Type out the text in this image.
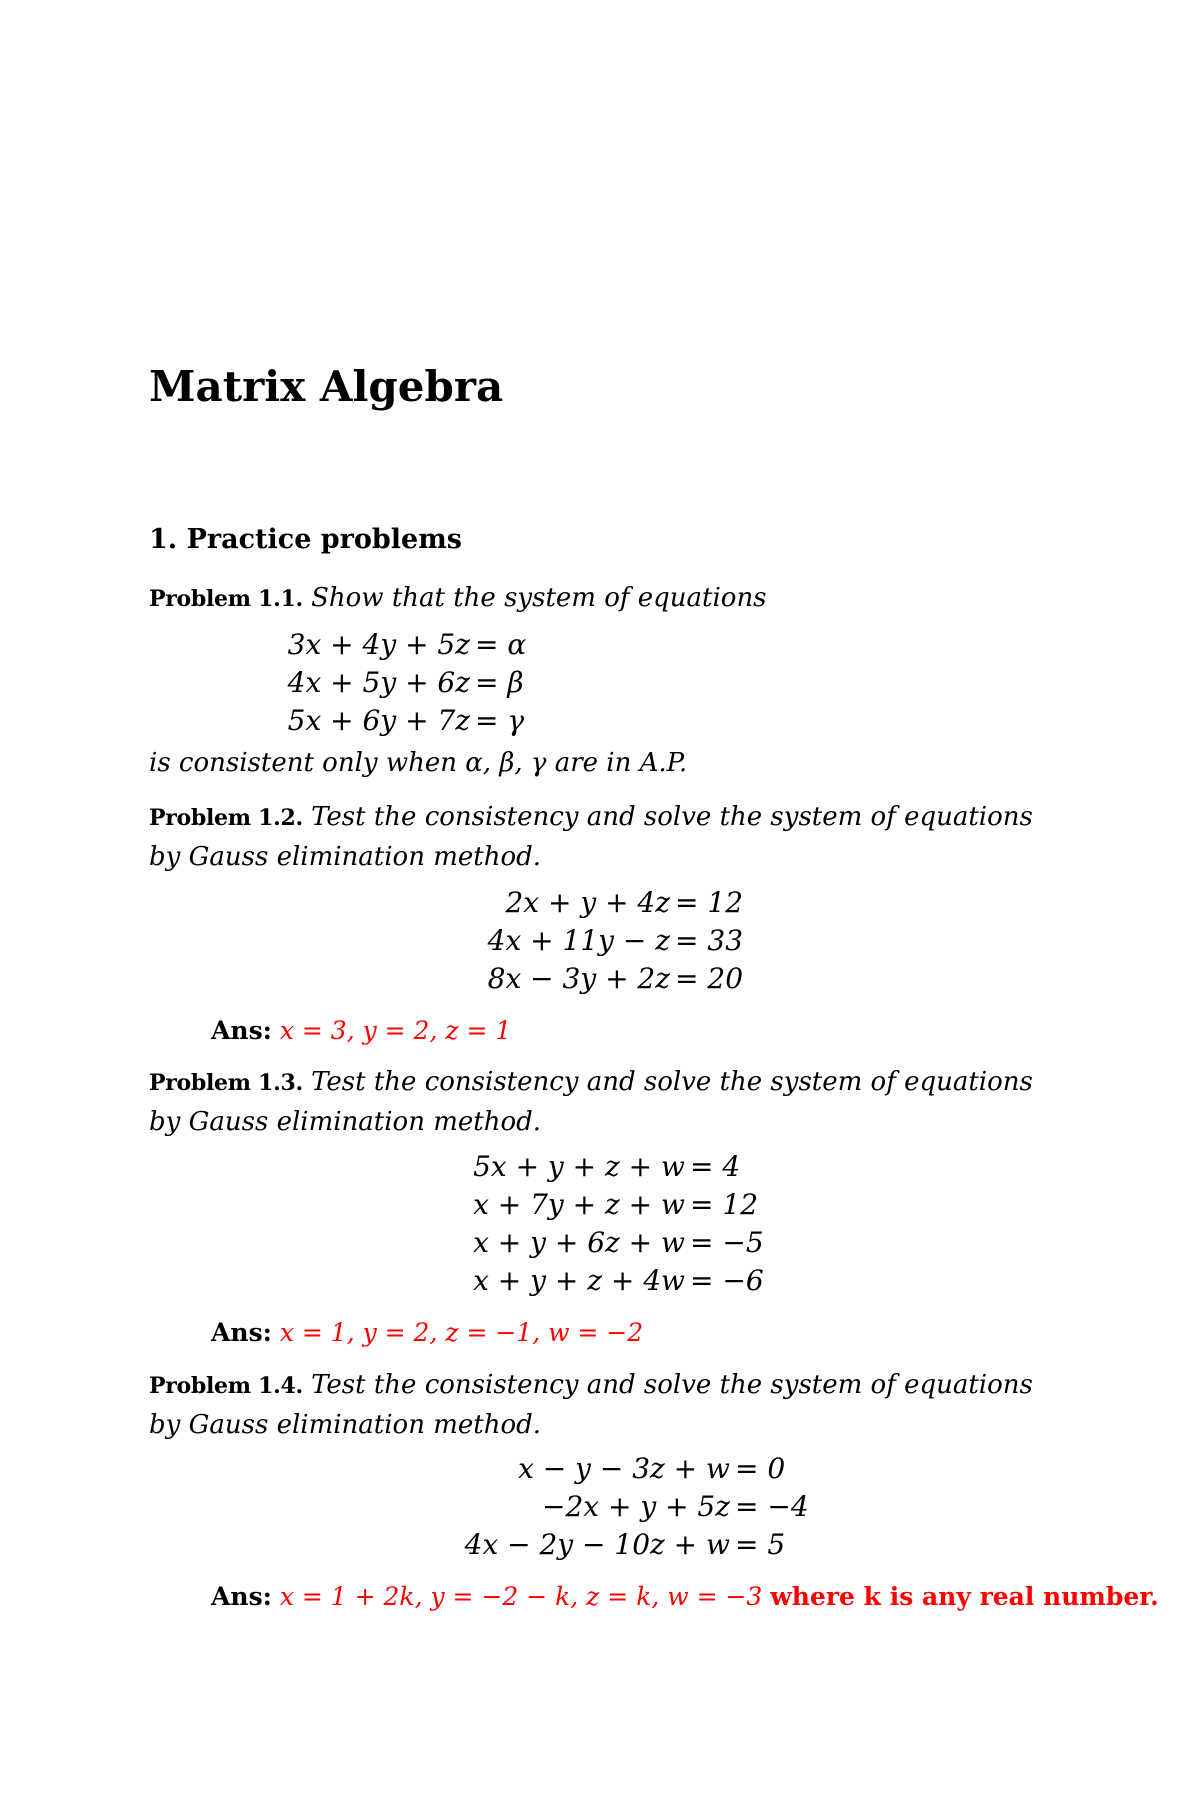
Matrix Algebra
1. Practice problems
Problem 1.1. Show that the system of equations
3x + 4y + 5z = α
4x + 5y + 6z = β
5x + 6y + 7z = γ
is consistent only when α, β, γ are in A.P.
Problem 1.2. Test the consistency and solve the system of equations
by Gauss elimination method.
2x + y + 4z = 12
4x + 11y − z = 33
8x − 3y + 2z = 20
Ans: x = 3, y = 2, z = 1
Problem 1.3. Test the consistency and solve the system of equations
by Gauss elimination method.
5x + y + z + w = 4
x + 7y + z + w = 12
x + y + 6z + w = −5
x + y + z + 4w = −6
Ans: x = 1, y = 2, z = −1, w = −2
Problem 1.4. Test the consistency and solve the system of equations
by Gauss elimination method.
x − y − 3z + w = 0
−2x + y + 5z = −4
4x − 2y − 10z + w = 5
Ans: x = 1 + 2k, y = −2 − k, z = k, w = −3 where k is any real number.
